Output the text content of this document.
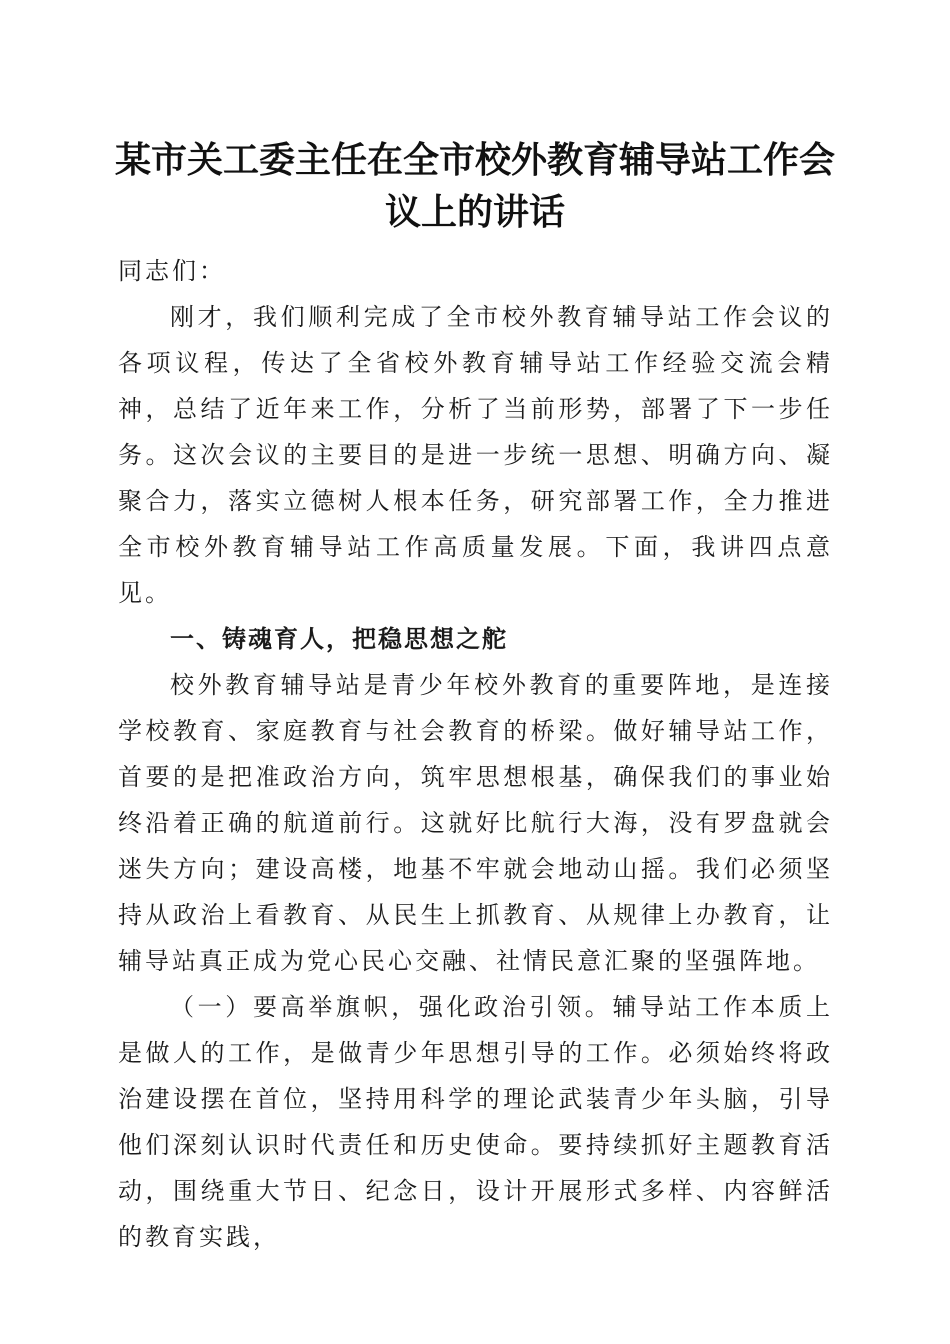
某市关工委主任在全市校外教育辅导站工作会议上的讲话

同志们：

刚才，我们顺利完成了全市校外教育辅导站工作会议的各项议程，传达了全省校外教育辅导站工作经验交流会精神，总结了近年来工作，分析了当前形势，部署了下一步任务。这次会议的主要目的是进一步统一思想、明确方向、凝聚合力，落实立德树人根本任务，研究部署工作，全力推进全市校外教育辅导站工作高质量发展。下面，我讲四点意见。

一、铸魂育人，把稳思想之舵

校外教育辅导站是青少年校外教育的重要阵地，是连接学校教育、家庭教育与社会教育的桥梁。做好辅导站工作，首要的是把准政治方向，筑牢思想根基，确保我们的事业始终沿着正确的航道前行。这就好比航行大海，没有罗盘就会迷失方向；建设高楼，地基不牢就会地动山摇。我们必须坚持从政治上看教育、从民生上抓教育、从规律上办教育，让辅导站真正成为党心民心交融、社情民意汇聚的坚强阵地。

（一）要高举旗帜，强化政治引领。辅导站工作本质上是做人的工作，是做青少年思想引导的工作。必须始终将政治建设摆在首位，坚持用科学的理论武装青少年头脑，引导他们深刻认识时代责任和历史使命。要持续抓好主题教育活动，围绕重大节日、纪念日，设计开展形式多样、内容鲜活的教育实践，
